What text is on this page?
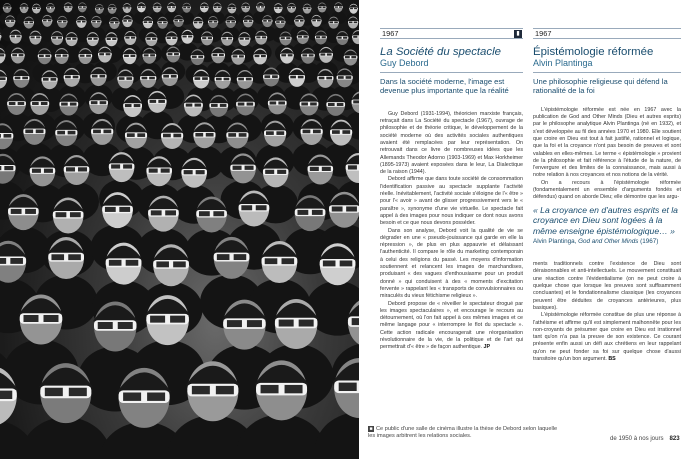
■ Ce public d'une salle de cinéma illustre la thèse de Debord selon laquelle les images arbitrent les relations sociales.
1967	▮
La Société du spectacle
Guy Debord
Dans la société moderne, l'image est devenue plus importante que la réalité

Guy Debord (1931-1994), théoricien marxiste français, retraçait dans La Société du spectacle (1967), ouvrage de philosophie et de théorie critique, le développement de la société moderne où des activités sociales authentiques avaient été remplacées par leur représentation. On retrouvait dans ce livre de nombreuses idées que les Allemands Theodor Adorno (1903-1969) et Max Horkheimer (1895-1973) avaient exposées dans le leur, La Dialectique de la raison (1944).

Debord affirme que dans toute société de consommation l'identification passive au spectacle supplante l'activité réelle. Inévitablement, l'activité sociale s'éloigne de l'« être » pour l'« avoir » avant de glisser progressivement vers le « paraître », synonyme d'une vie virtuelle. Le spectacle fait appel à des images pour nous indiquer ce dont nous avons besoin et ce que nous devons posséder.

Dans son analyse, Debord voit la qualité de vie se dégrader en une « pseudo-jouissance qui garde en elle la répression », de plus en plus appauvrie et délaissant l'authenticité. Il compare le rôle du marketing contemporain à celui des religions du passé. Les moyens d'information soutiennent et relancent les images de marchandises, produisant « des vagues d'enthousiasme pour un produit donné » qui conduisent à des « moments d'excitation fervente » rappelant les « transports de convulsionnaires ou miraculés du vieux fétichisme religieux ».

Debord propose de « réveiller le spectateur drogué par les images spectaculaires », et encourage le recours au détournement, où l'on fait appel à ces mêmes images et ce même langage pour « interrompre le flot du spectacle ». Cette action radicale encouragerait une réorganisation révolutionnaire de la vie, de la politique et de l'art qui permettrait d'« être » de façon authentique. JP

1967
Épistémologie réformée
Alvin Plantinga
Une philosophie religieuse qui défend la rationalité de la foi

L'épistémologie réformée est née en 1967 avec la publication de God and Other Minds (Dieu et autres esprits) par le philosophe analytique Alvin Plantinga (né en 1932), et s'est développée au fil des années 1970 et 1980. Elle soutient que croire en Dieu est tout à fait justifié, rationnel et logique, que la foi et la croyance n'ont pas besoin de preuves et sont valables en elles-mêmes. Le terme « épistémologie » provient de la philosophie et fait référence à l'étude de la nature, de l'envergure et des limites de la connaissance, mais aussi à notre relation à nos croyances et nos notions de la vérité.

On a recours à l'épistémologie réformée (fondamentalement un ensemble d'arguments fondés et défendus) quand on aborde Dieu; elle démontre que les argu-

« La croyance en d'autres esprits et la croyance en Dieu sont logées à la même enseigne épistémologique… »
Alvin Plantinga, God and Other Minds (1967)

ments traditionnels contre l'existence de Dieu sont déraisonnables et anti-intellectuels. Le mouvement constituait une réaction contre l'évidentialisme (on ne peut croire à quelque chose que lorsque les preuves sont suffisamment concluantes) et le fondationnalisme classique (les croyances peuvent être déduites de croyances antérieures, plus basiques).

L'épistémologie réformée constitue de plus une réponse à l'athéisme et affirme qu'il est simplement malhonnête pour les non-croyants de présumer que croire en Dieu est irrationnel tant qu'on n'a pas la preuve de son existence. Ce courant présente enfin aussi un défi aux chrétiens en leur rappelant qu'on ne peut fonder sa foi sur quelque chose d'aussi transitoire qu'un bon argument. BS

de 1950 à nos jours 823
